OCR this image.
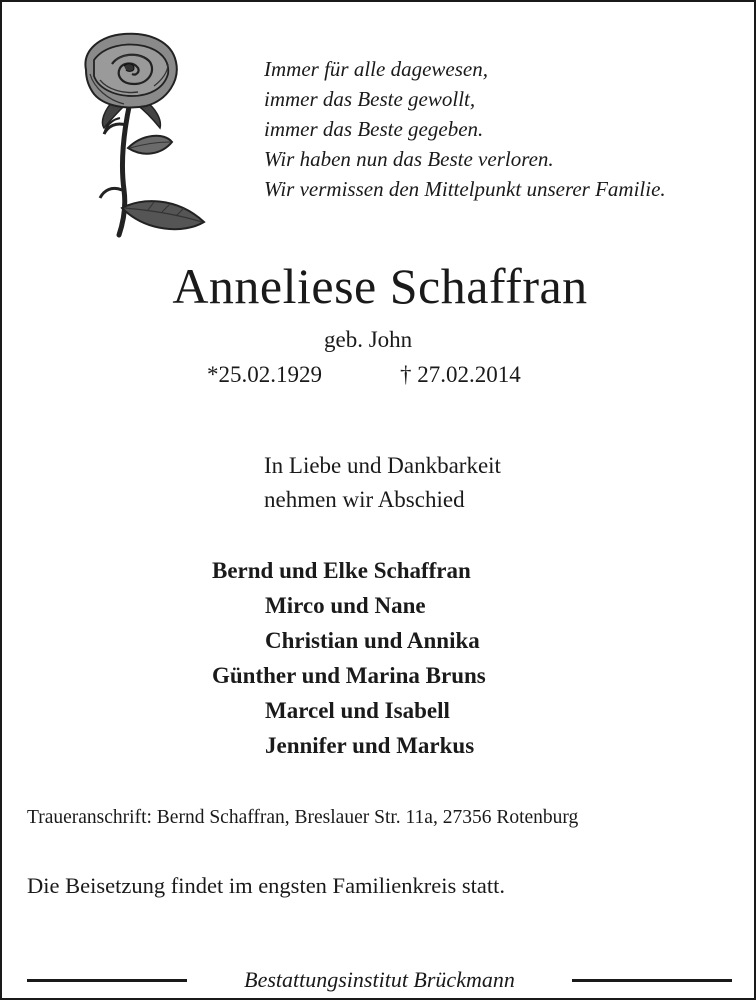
Immer für alle dagewesen,
immer das Beste gewollt,
immer das Beste gegeben.
Wir haben nun das Beste verloren.
Wir vermissen den Mittelpunkt unserer Familie.
Anneliese Schaffran
geb. John
*25.02.1929	† 27.02.2014
In Liebe und Dankbarkeit
nehmen wir Abschied
Bernd und Elke Schaffran
Mirco und Nane
Christian und Annika
Günther und Marina Bruns
Marcel und Isabell
Jennifer und Markus
Traueranschrift: Bernd Schaffran, Breslauer Str. 11a, 27356 Rotenburg
Die Beisetzung findet im engsten Familienkreis statt.
Bestattungsinstitut Brückmann
